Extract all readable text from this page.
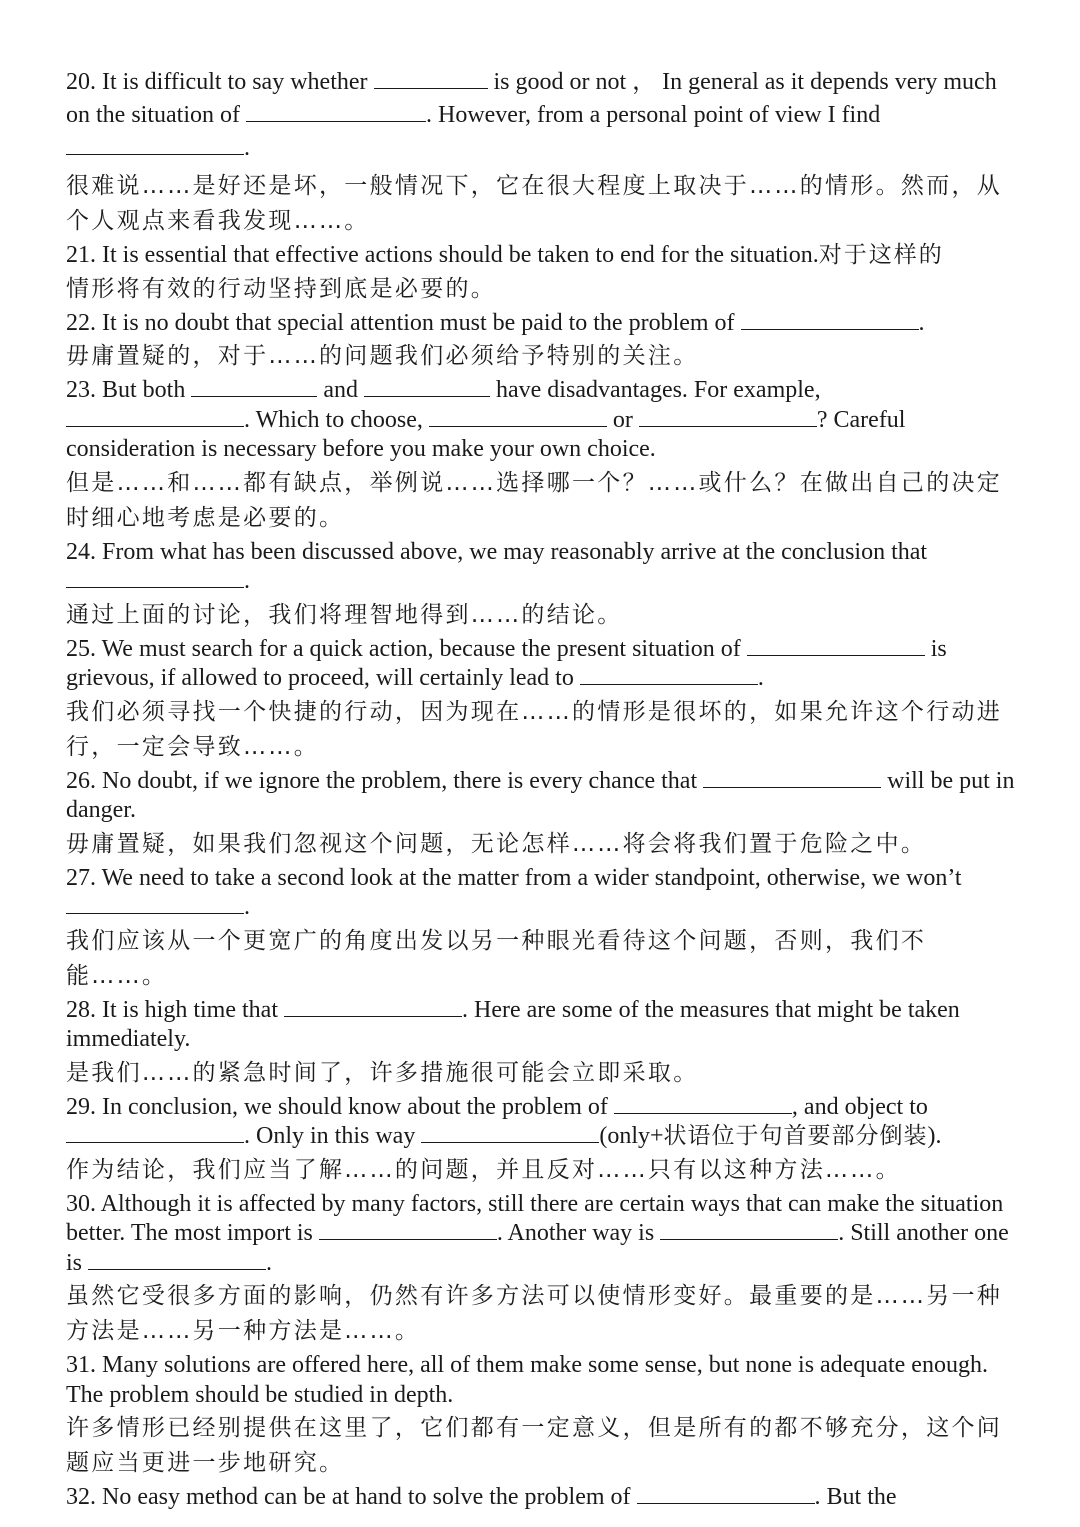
20. It is difficult to say whether	is good or not ， In general as it depends very much on the situation of	. However, from a personal point of view I find
.
很难说……是好还是坏，一般情况下，它在很大程度上取决于……的情形。然而，从个人观点来看我发现……。
21. It is essential that effective actions should be taken to end for the situation.对于这样的
情形将有效的行动坚持到底是必要的。
22. It is no doubt that special attention must be paid to the problem of	.
毋庸置疑的，对于……的问题我们必须给予特别的关注。
23. But both	and	have disadvantages. For example,
. Which to choose,	or	? Careful consideration is necessary before you make your own choice.
但是……和……都有缺点，举例说……选择哪一个？……或什么？在做出自己的决定时细心地考虑是必要的。
24. From what has been discussed above, we may reasonably arrive at the conclusion that
.
通过上面的讨论，我们将理智地得到……的结论。
25. We must search for a quick action, because the present situation of	is grievous, if allowed to proceed, will certainly lead to	.
我们必须寻找一个快捷的行动，因为现在……的情形是很坏的，如果允许这个行动进行，一定会导致……。
26. No doubt, if we ignore the problem, there is every chance that	will be put in danger.
毋庸置疑，如果我们忽视这个问题，无论怎样……将会将我们置于危险之中。
27. We need to take a second look at the matter from a wider standpoint, otherwise, we won’t .
我们应该从一个更宽广的角度出发以另一种眼光看待这个问题，否则，我们不能……。
28. It is high time that	. Here are some of the measures that might be taken immediately.
是我们……的紧急时间了，许多措施很可能会立即采取。
29. In conclusion, we should know about the problem of	, and object to
. Only in this way	(only+状语位于句首要部分倒装).
作为结论，我们应当了解……的问题，并且反对……只有以这种方法……。
30. Although it is affected by many factors, still there are certain ways that can make the situation better. The most import is	. Another way is	. Still another one is	.
虽然它受很多方面的影响，仍然有许多方法可以使情形变好。最重要的是……另一种方法是……另一种方法是……。
31. Many solutions are offered here, all of them make some sense, but none is adequate enough. The problem should be studied in depth.
许多情形已经别提供在这里了，它们都有一定意义，但是所有的都不够充分，这个问题应当更进一步地研究。
32. No easy method can be at hand to solve the problem of	. But the
